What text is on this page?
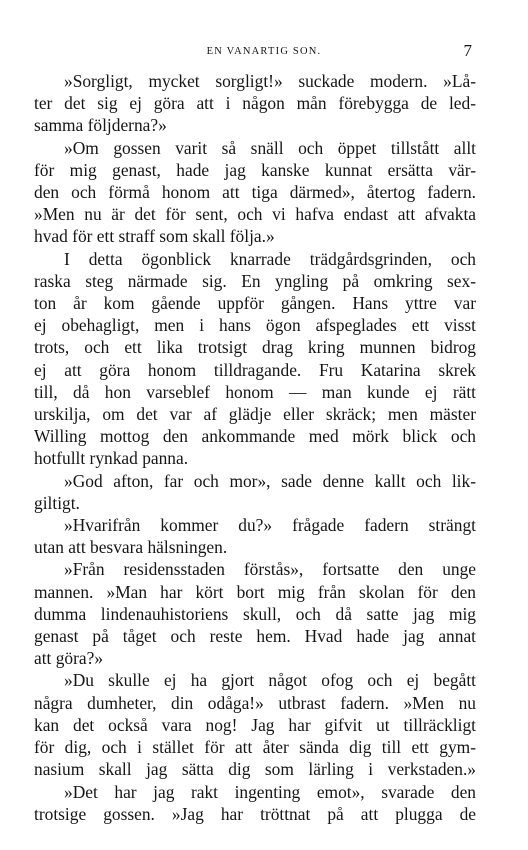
EN VANARTIG SON.	7
»Sorgligt, mycket sorgligt!» suckade modern. »Lå-
ter det sig ej göra att i någon mån förebygga de led-
samma följderna?»
»Om gossen varit så snäll och öppet tillstått allt
för mig genast, hade jag kanske kunnat ersätta vär-
den och förmå honom att tiga därmed», återtog fadern.
»Men nu är det för sent, och vi hafva endast att afvakta
hvad för ett straff som skall följa.»
I detta ögonblick knarrade trädgårdsgrinden, och
raska steg närmade sig. En yngling på omkring sex-
ton år kom gående uppför gången. Hans yttre var
ej obehagligt, men i hans ögon afspeglades ett visst
trots, och ett lika trotsigt drag kring munnen bidrog
ej att göra honom tilldragande. Fru Katarina skrek
till, då hon varseblef honom — man kunde ej rätt
urskilja, om det var af glädje eller skräck; men mäster
Willing mottog den ankommande med mörk blick och
hotfullt rynkad panna.
»God afton, far och mor», sade denne kallt och lik-
giltigt.
»Hvarifrån kommer du?» frågade fadern strängt
utan att besvara hälsningen.
»Från residensstaden förstås», fortsatte den unge
mannen. »Man har kört bort mig från skolan för den
dumma lindenauhistoriens skull, och då satte jag mig
genast på tåget och reste hem. Hvad hade jag annat
att göra?»
»Du skulle ej ha gjort något ofog och ej begått
några dumheter, din odåga!» utbrast fadern. »Men nu
kan det också vara nog! Jag har gifvit ut tillräckligt
för dig, och i stället för att åter sända dig till ett gym-
nasium skall jag sätta dig som lärling i verkstaden.»
»Det har jag rakt ingenting emot», svarade den
trotsige gossen. »Jag har tröttnat på att plugga de
